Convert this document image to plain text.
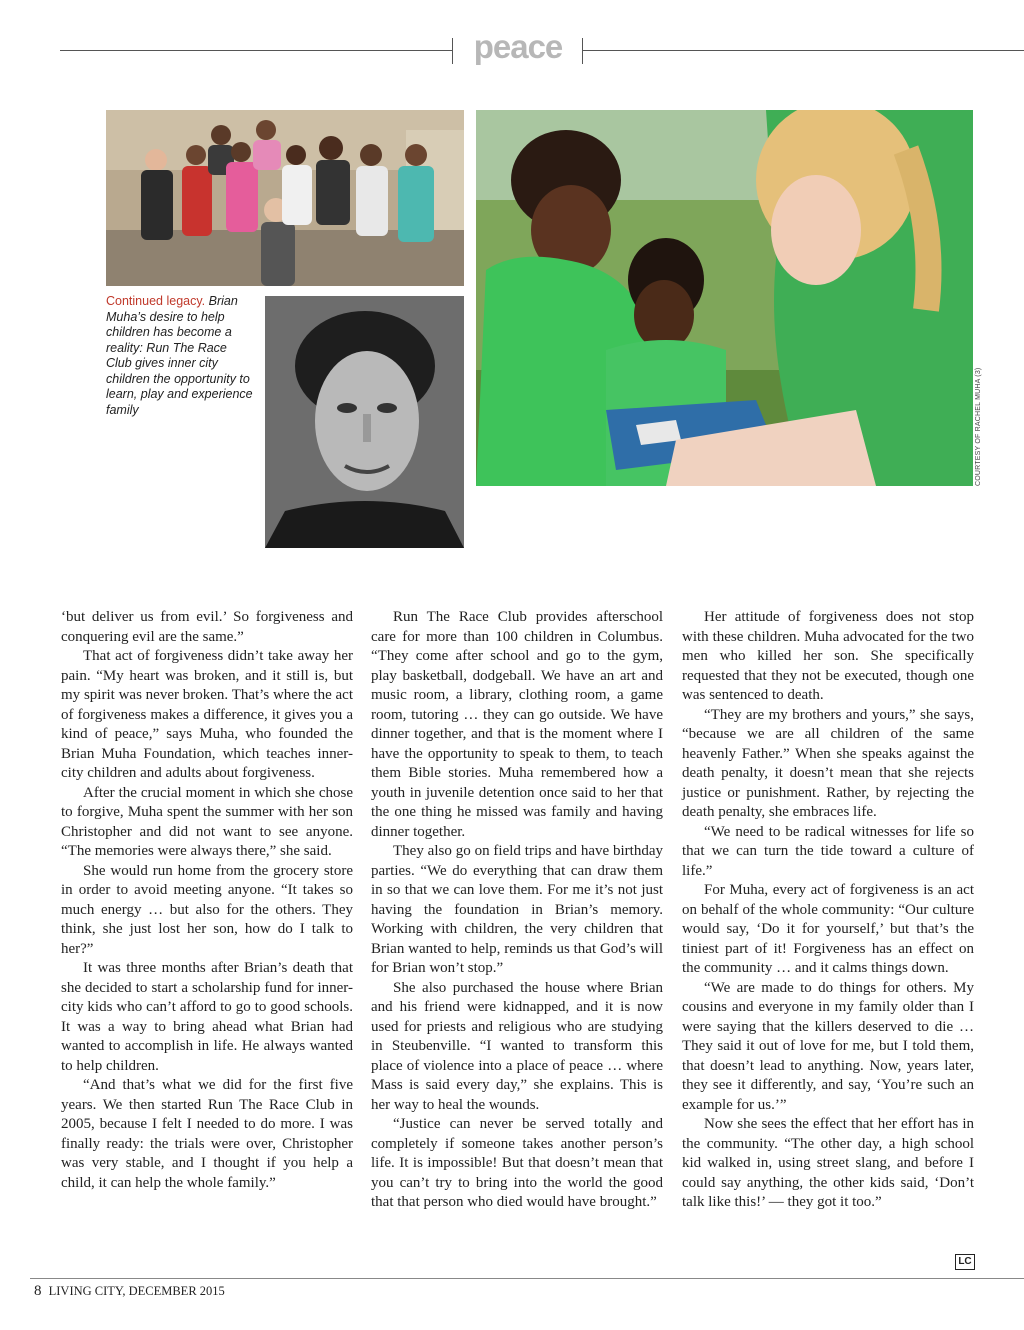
peace
Continued legacy. Brian Muha’s desire to help children has become a reality: Run The Race Club gives inner city children the opportunity to learn, play and experience family	COURTESY OF RACHEL MUHA (3)

‘but deliver us from evil.’ So forgiveness and conquering evil are the same.”

That act of forgiveness didn’t take away her pain. “My heart was broken, and it still is, but my spirit was never broken. That’s where the act of forgiveness makes a difference, it gives you a kind of peace,” says Muha, who founded the Brian Muha Foundation, which teaches inner-city children and adults about forgiveness.

After the crucial moment in which she chose to forgive, Muha spent the summer with her son Christopher and did not want to see anyone. “The memories were always there,” she said.

She would run home from the grocery store in order to avoid meeting anyone. “It takes so much energy … but also for the others. They think, she just lost her son, how do I talk to her?”

It was three months after Brian’s death that she decided to start a scholarship fund for inner-city kids who can’t afford to go to good schools. It was a way to bring ahead what Brian had wanted to accomplish in life. He always wanted to help children.

“And that’s what we did for the first five years. We then started Run The Race Club in 2005, because I felt I needed to do more. I was finally ready: the trials were over, Christopher was very stable, and I thought if you help a child, it can help the whole family.”

Run The Race Club provides afterschool care for more than 100 children in Columbus. “They come after school and go to the gym, play basketball, dodgeball. We have an art and music room, a library, clothing room, a game room, tutoring … they can go outside. We have dinner together, and that is the moment where I have the opportunity to speak to them, to teach them Bible stories. Muha remembered how a youth in juvenile detention once said to her that the one thing he missed was family and having dinner together.

They also go on field trips and have birthday parties. “We do everything that can draw them in so that we can love them. For me it’s not just having the foundation in Brian’s memory. Working with children, the very children that Brian wanted to help, reminds us that God’s will for Brian won’t stop.”

She also purchased the house where Brian and his friend were kidnapped, and it is now used for priests and religious who are studying in Steubenville. “I wanted to transform this place of violence into a place of peace … where Mass is said every day,” she explains. This is her way to heal the wounds.

“Justice can never be served totally and completely if someone takes another person’s life. It is impossible! But that doesn’t mean that you can’t try to bring into the world the good that that person who died would have brought.”

Her attitude of forgiveness does not stop with these children. Muha advocated for the two men who killed her son. She specifically requested that they not be executed, though one was sentenced to death.

“They are my brothers and yours,” she says, “because we are all children of the same heavenly Father.” When she speaks against the death penalty, it doesn’t mean that she rejects justice or punishment. Rather, by rejecting the death penalty, she embraces life.

“We need to be radical witnesses for life so that we can turn the tide toward a culture of life.”

For Muha, every act of forgiveness is an act on behalf of the whole community: “Our culture would say, ‘Do it for yourself,’ but that’s the tiniest part of it! Forgiveness has an effect on the community … and it calms things down.

“We are made to do things for others. My cousins and everyone in my family older than I were saying that the killers deserved to die … They said it out of love for me, but I told them, that doesn’t lead to anything. Now, years later, they see it differently, and say, ‘You’re such an example for us.’”

Now she sees the effect that her effort has in the community. “The other day, a high school kid walked in, using street slang, and before I could say anything, the other kids said, ‘Don’t talk like this!’ — they got it too.”

LC
8 LIVING CITY, DECEMBER 2015
